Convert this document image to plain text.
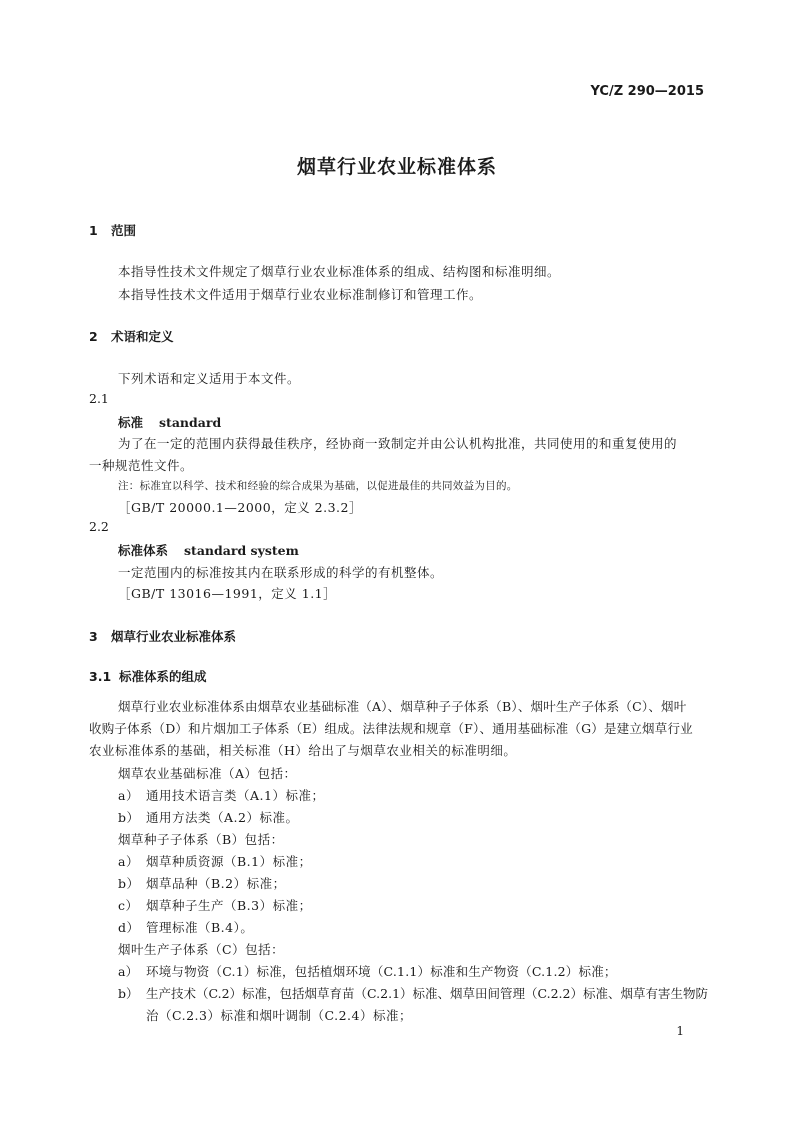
YC/Z 290—2015
烟草行业农业标准体系
1 范围
本指导性技术文件规定了烟草行业农业标准体系的组成、结构图和标准明细。
本指导性技术文件适用于烟草行业农业标准制修订和管理工作。
2 术语和定义
下列术语和定义适用于本文件。
2.1
标准 standard
为了在一定的范围内获得最佳秩序，经协商一致制定并由公认机构批准，共同使用的和重复使用的
一种规范性文件。
注：标准宜以科学、技术和经验的综合成果为基础，以促进最佳的共同效益为目的。
［GB/T 20000.1—2000，定义 2.3.2］
2.2
标准体系 standard system
一定范围内的标准按其内在联系形成的科学的有机整体。
［GB/T 13016—1991，定义 1.1］
3 烟草行业农业标准体系
3.1 标准体系的组成
烟草行业农业标准体系由烟草农业基础标准（A）、烟草种子子体系（B）、烟叶生产子体系（C）、烟叶
收购子体系（D）和片烟加工子体系（E）组成。法律法规和规章（F）、通用基础标准（G）是建立烟草行业
农业标准体系的基础，相关标准（H）给出了与烟草农业相关的标准明细。
烟草农业基础标准（A）包括：
a） 通用技术语言类（A.1）标准；
b） 通用方法类（A.2）标准。
烟草种子子体系（B）包括：
a） 烟草种质资源（B.1）标准；
b） 烟草品种（B.2）标准；
c） 烟草种子生产（B.3）标准；
d） 管理标准（B.4）。
烟叶生产子体系（C）包括：
a） 环境与物资（C.1）标准，包括植烟环境（C.1.1）标准和生产物资（C.1.2）标准；
b） 生产技术（C.2）标准，包括烟草育苗（C.2.1）标准、烟草田间管理（C.2.2）标准、烟草有害生物防
治（C.2.3）标准和烟叶调制（C.2.4）标准；
1
